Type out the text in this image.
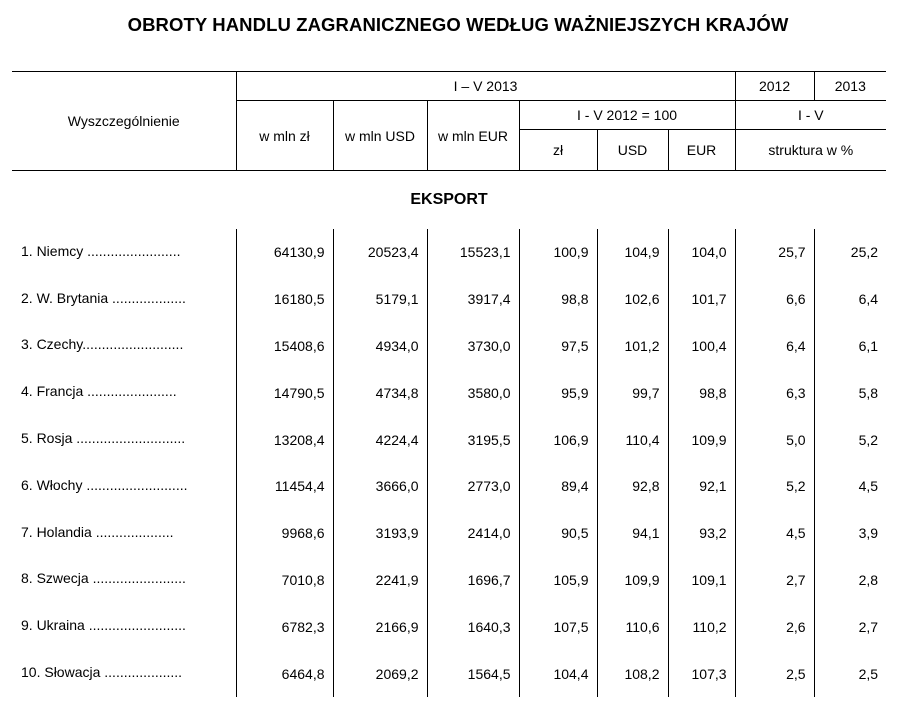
OBROTY HANDLU ZAGRANICZNEGO WEDŁUG WAŻNIEJSZYCH KRAJÓW
Wyszczególnienie	I – V 2013						2012	2013
	w mln zł	w mln USD	w mln EUR	I - V 2012 = 100			I - V	
				zł	USD	EUR	struktura w %	
EKSPORT								
1. Niemcy ........................	64130,9	20523,4	15523,1	100,9	104,9	104,0	25,7	25,2
2. W. Brytania ...................	16180,5	5179,1	3917,4	98,8	102,6	101,7	6,6	6,4
3. Czechy..........................	15408,6	4934,0	3730,0	97,5	101,2	100,4	6,4	6,1
4. Francja .......................	14790,5	4734,8	3580,0	95,9	99,7	98,8	6,3	5,8
5. Rosja ............................	13208,4	4224,4	3195,5	106,9	110,4	109,9	5,0	5,2
6. Włochy ..........................	11454,4	3666,0	2773,0	89,4	92,8	92,1	5,2	4,5
7. Holandia ....................	9968,6	3193,9	2414,0	90,5	94,1	93,2	4,5	3,9
8. Szwecja ........................	7010,8	2241,9	1696,7	105,9	109,9	109,1	2,7	2,8
9. Ukraina .........................	6782,3	2166,9	1640,3	107,5	110,6	110,2	2,6	2,7
10. Słowacja ....................	6464,8	2069,2	1564,5	104,4	108,2	107,3	2,5	2,5
